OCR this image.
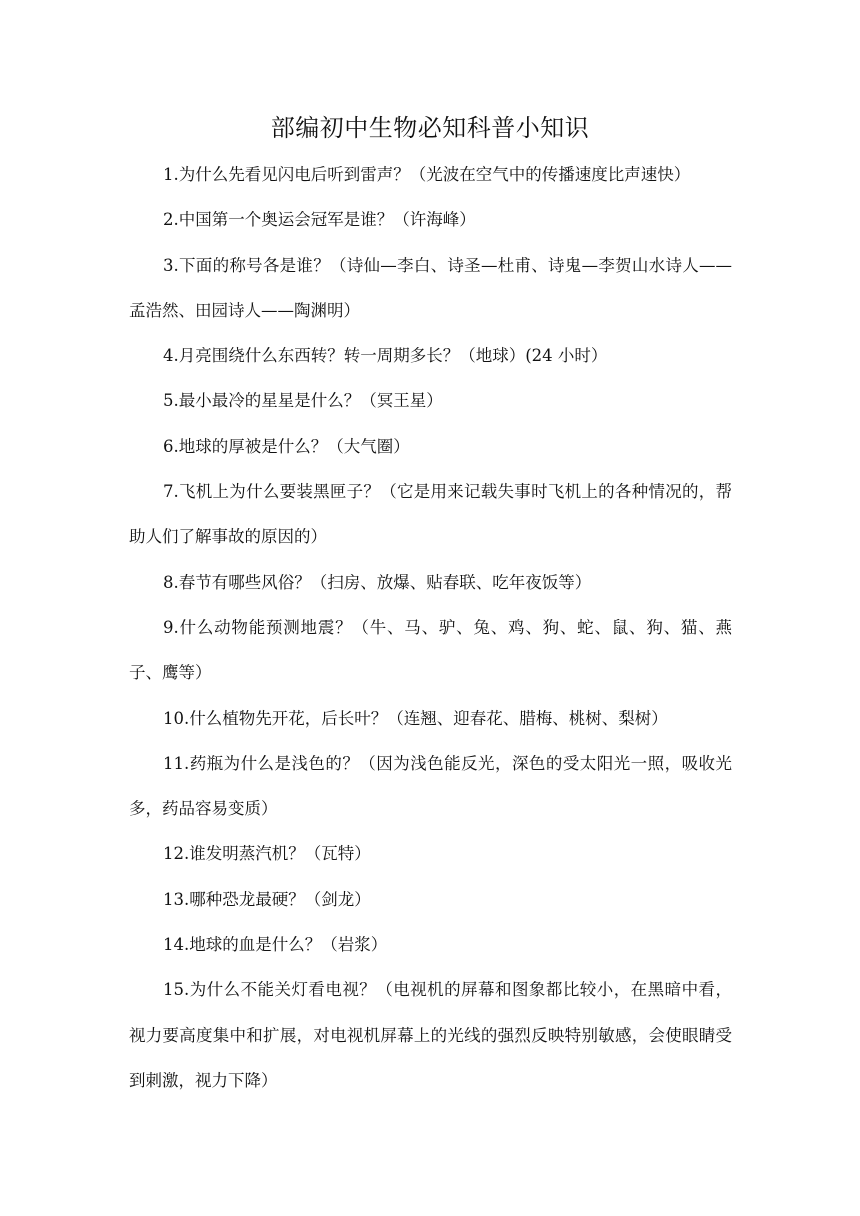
部编初中生物必知科普小知识

1.为什么先看见闪电后听到雷声？（光波在空气中的传播速度比声速快）

2.中国第一个奥运会冠军是谁？（许海峰）

3.下面的称号各是谁？（诗仙—李白、诗圣—杜甫、诗鬼—李贺山水诗人——孟浩然、田园诗人——陶渊明）

4.月亮围绕什么东西转？转一周期多长？（地球）(24 小时）

5.最小最冷的星星是什么？（冥王星）

6.地球的厚被是什么？（大气圈）

7.飞机上为什么要装黑匣子？（它是用来记载失事时飞机上的各种情况的，帮助人们了解事故的原因的）

8.春节有哪些风俗？（扫房、放爆、贴春联、吃年夜饭等）

9.什么动物能预测地震？（牛、马、驴、兔、鸡、狗、蛇、鼠、狗、猫、燕子、鹰等）

10.什么植物先开花，后长叶？（连翘、迎春花、腊梅、桃树、梨树）

11.药瓶为什么是浅色的？（因为浅色能反光，深色的受太阳光一照，吸收光多，药品容易变质）

12.谁发明蒸汽机？（瓦特）

13.哪种恐龙最硬？（剑龙）

14.地球的血是什么？（岩浆）

15.为什么不能关灯看电视？（电视机的屏幕和图象都比较小，在黑暗中看，视力要高度集中和扩展，对电视机屏幕上的光线的强烈反映特别敏感，会使眼睛受到刺激，视力下降）
